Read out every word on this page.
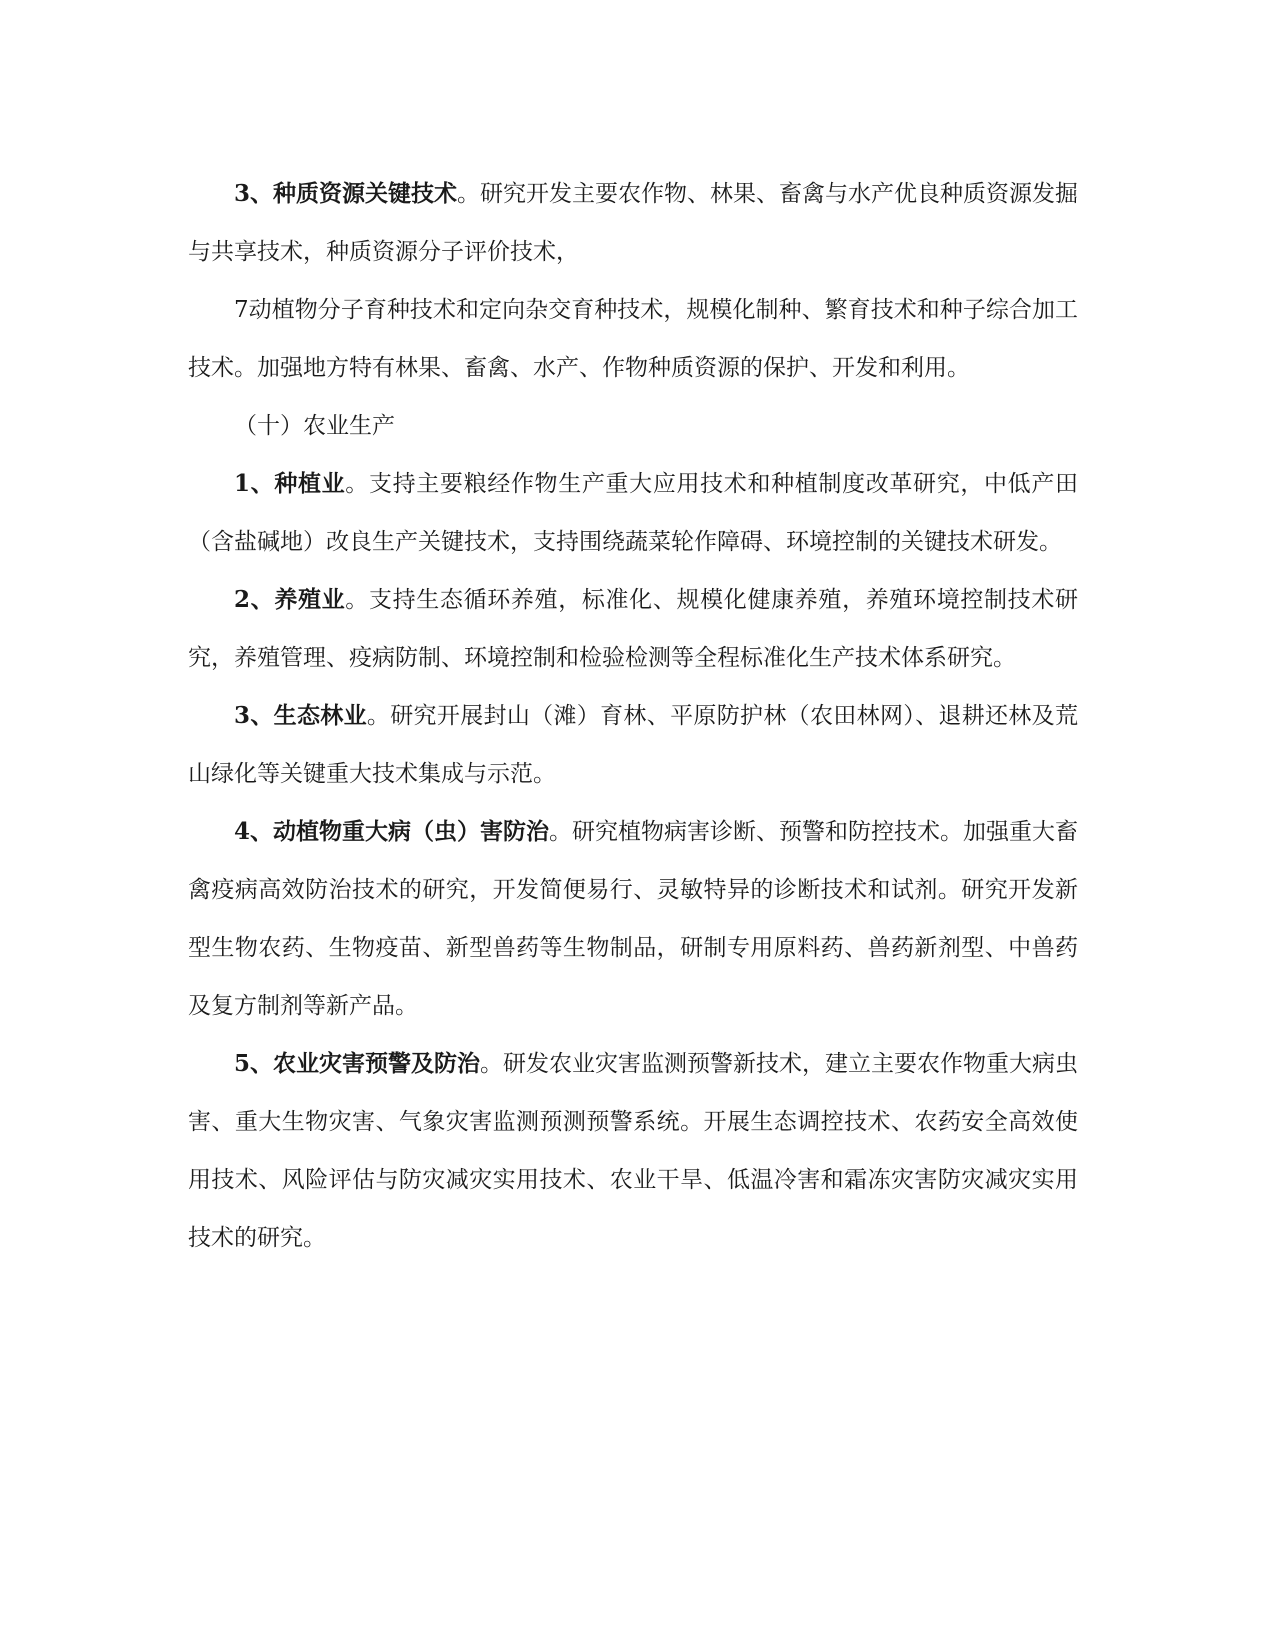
3、种质资源关键技术。研究开发主要农作物、林果、畜禽与水产优良种质资源发掘与共享技术，种质资源分子评价技术，

7动植物分子育种技术和定向杂交育种技术，规模化制种、繁育技术和种子综合加工技术。加强地方特有林果、畜禽、水产、作物种质资源的保护、开发和利用。

（十）农业生产

1、种植业。支持主要粮经作物生产重大应用技术和种植制度改革研究，中低产田（含盐碱地）改良生产关键技术，支持围绕蔬菜轮作障碍、环境控制的关键技术研发。

2、养殖业。支持生态循环养殖，标准化、规模化健康养殖，养殖环境控制技术研究，养殖管理、疫病防制、环境控制和检验检测等全程标准化生产技术体系研究。

3、生态林业。研究开展封山（滩）育林、平原防护林（农田林网）、退耕还林及荒山绿化等关键重大技术集成与示范。

4、动植物重大病（虫）害防治。研究植物病害诊断、预警和防控技术。加强重大畜禽疫病高效防治技术的研究，开发简便易行、灵敏特异的诊断技术和试剂。研究开发新型生物农药、生物疫苗、新型兽药等生物制品，研制专用原料药、兽药新剂型、中兽药及复方制剂等新产品。

5、农业灾害预警及防治。研发农业灾害监测预警新技术，建立主要农作物重大病虫害、重大生物灾害、气象灾害监测预测预警系统。开展生态调控技术、农药安全高效使用技术、风险评估与防灾减灾实用技术、农业干旱、低温冷害和霜冻灾害防灾减灾实用技术的研究。
